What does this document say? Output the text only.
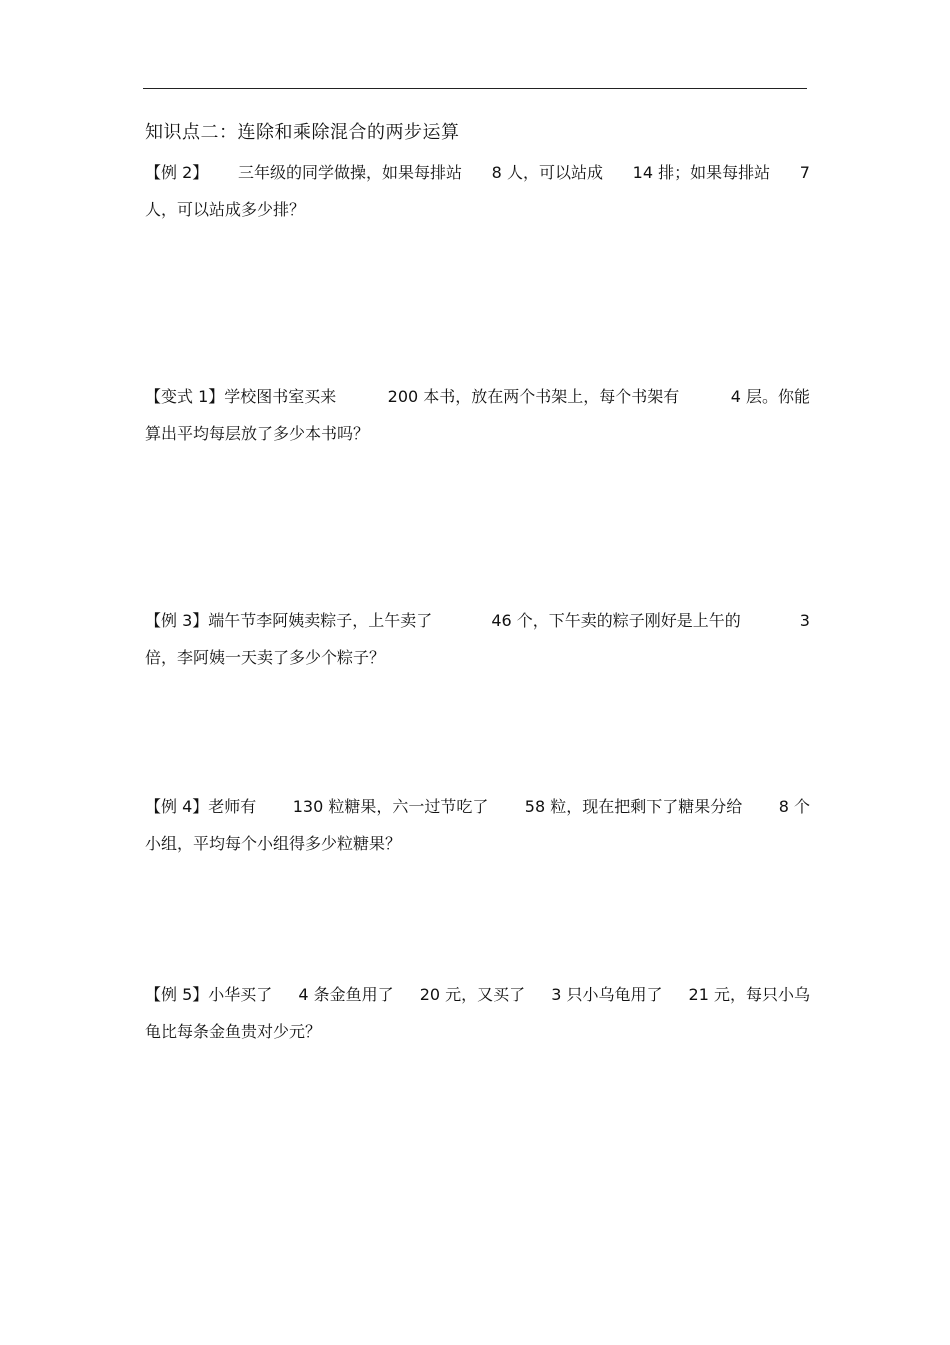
知识点二：连除和乘除混合的两步运算
【例 2】 三年级的同学做操，如果每排站 8 人，可以站成 14 排；如果每排站 7
人，可以站成多少排？
【变式 1】学校图书室买来	200 本书，放在两个书架上，每个书架有	4 层。你能
算出平均每层放了多少本书吗？
【例 3】端午节李阿姨卖粽子，上午卖了	46 个，下午卖的粽子刚好是上午的	3
倍，李阿姨一天卖了多少个粽子？
【例 4】老师有 130 粒糖果，六一过节吃了 58 粒，现在把剩下了糖果分给 8 个
小组，平均每个小组得多少粒糖果？
【例 5】小华买了 4 条金鱼用了 20 元，又买了 3 只小乌龟用了 21 元，每只小乌
龟比每条金鱼贵对少元？
